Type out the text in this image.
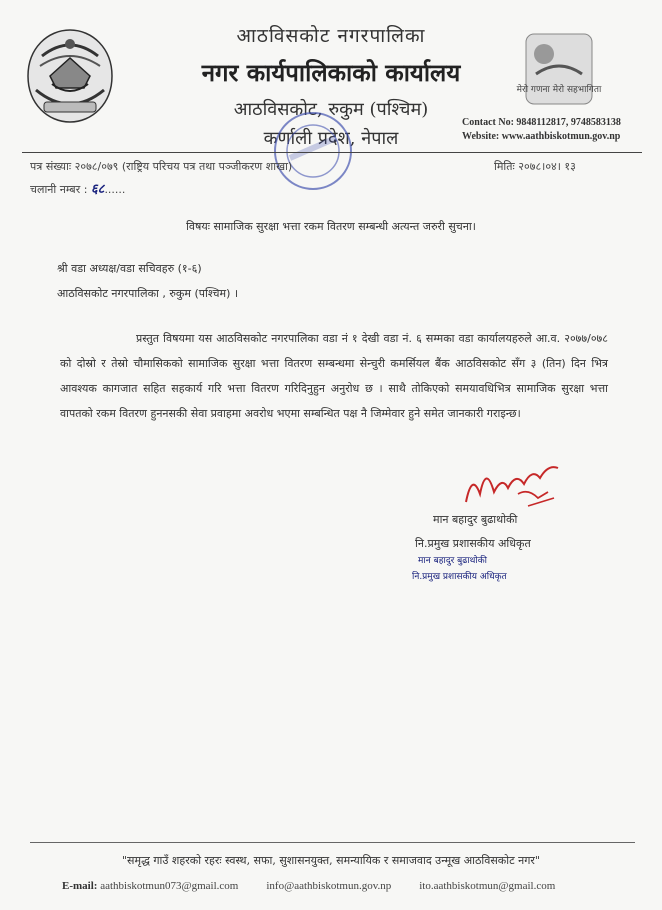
आठविसकोट नगरपालिका
नगर कार्यपालिकाको कार्यालय
आठविसकोट, रुकुम (पश्चिम)
कर्णाली प्रदेश, नेपाल
मेरो गणना मेरो सहभागिता
Contact No: 9848112817, 9748583138
Website: www.aathbiskotmun.gov.np
पत्र संख्याः २०७८/०७९ (राष्ट्रिय परिचय पत्र तथा पञ्जीकरण शाखा)	मितिः २०७८।०४। १३
चलानी नम्बर : ६८......
विषयः सामाजिक सुरक्षा भत्ता रकम वितरण सम्बन्धी अत्यन्त जरुरी सुचना।
श्री वडा अध्यक्ष/वडा सचिवहरु (१-६)
आठविसकोट नगरपालिका , रुकुम (पश्चिम) ।

प्रस्तुत विषयमा यस आठविसकोट नगरपालिका वडा नं १ देखी वडा नं. ६ सम्मका वडा कार्यालयहरुले आ.व. २०७७/०७८ को दोस्रो र तेस्रो चौमासिकको सामाजिक सुरक्षा भत्ता वितरण सम्बन्धमा सेन्चुरी कमर्सियल बैंक आठविसकोट सँग ३ (तिन) दिन भित्र आवश्यक कागजात सहित सहकार्य गरि भत्ता वितरण गरिदिनुहुन अनुरोध छ । साथै तोकिएको समयावधिभित्र सामाजिक सुरक्षा भत्ता वापतको रकम वितरण हुननसकी सेवा प्रवाहमा अवरोध भएमा सम्बन्धित पक्ष नै जिम्मेवार हुने समेत जानकारी गराइन्छ।

मान बहादुर बुढाथोकी
नि.प्रमुख प्रशासकीय अधिकृत
मान बहादुर बुढाथोकी
नि.प्रमुख प्रशासकीय अधिकृत
"समृद्ध गाउँ शहरको रहरः स्वस्थ, सफा, सुशासनयुक्त, समन्यायिक र समाजवाद उन्मूख आठविसकोट नगर"
E-mail: aathbiskotmun073@gmail.com	info@aathbiskotmun.gov.np	ito.aathbiskotmun@gmail.com
